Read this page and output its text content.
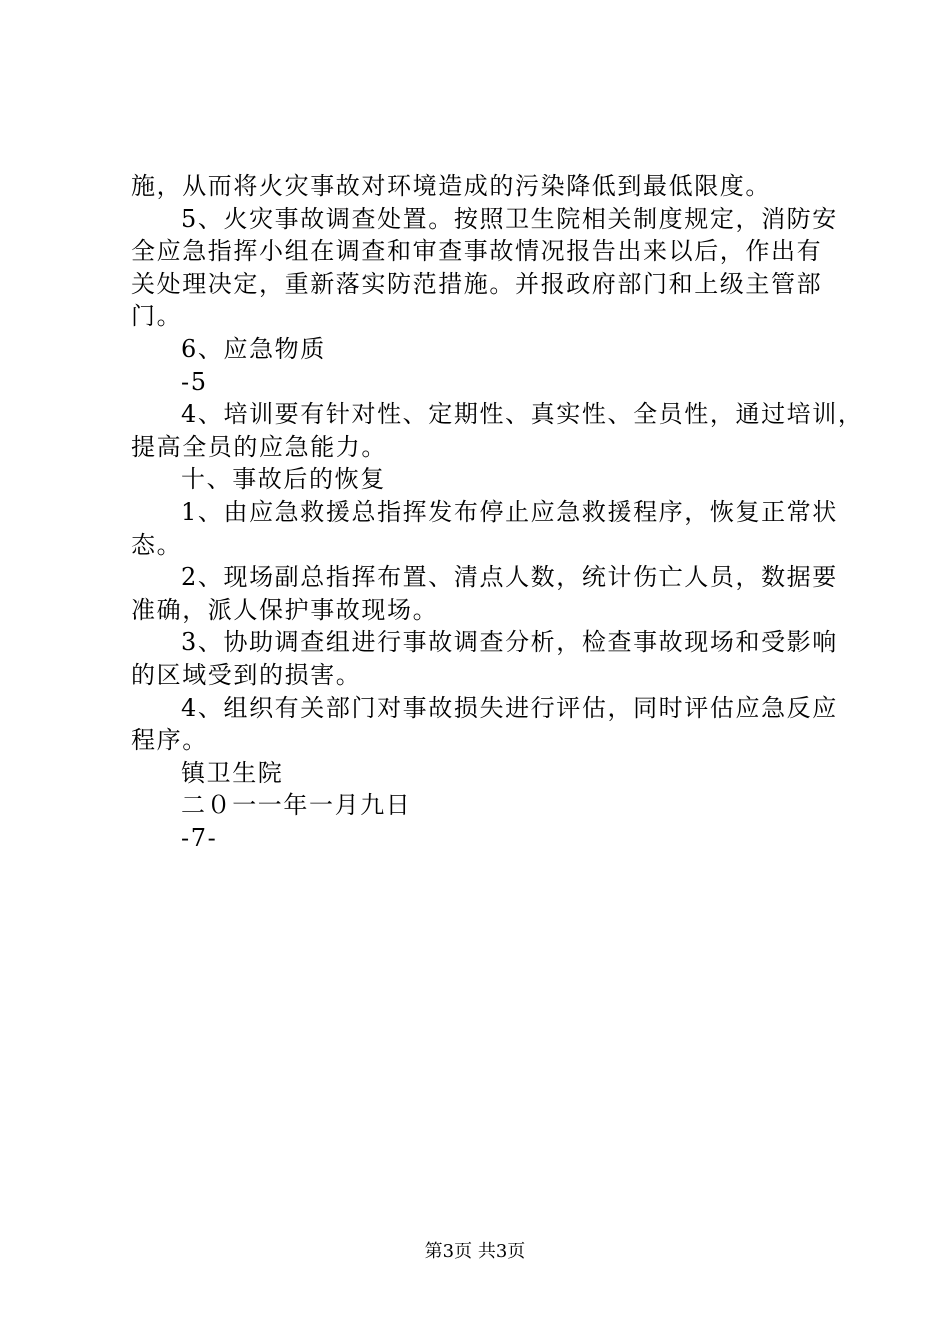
施，从而将火灾事故对环境造成的污染降低到最低限度。
5、火灾事故调查处置。按照卫生院相关制度规定，消防安
全应急指挥小组在调查和审查事故情况报告出来以后，作出有
关处理决定，重新落实防范措施。并报政府部门和上级主管部
门。
6、应急物质
-5
4、培训要有针对性、定期性、真实性、全员性，通过培训，
提高全员的应急能力。
十、事故后的恢复
1、由应急救援总指挥发布停止应急救援程序，恢复正常状
态。
2、现场副总指挥布置、清点人数，统计伤亡人员，数据要
准确，派人保护事故现场。
3、协助调查组进行事故调查分析，检查事故现场和受影响
的区域受到的损害。
4、组织有关部门对事故损失进行评估，同时评估应急反应
程序。
镇卫生院
二０一一年一月九日
-7-
第3页 共3页
